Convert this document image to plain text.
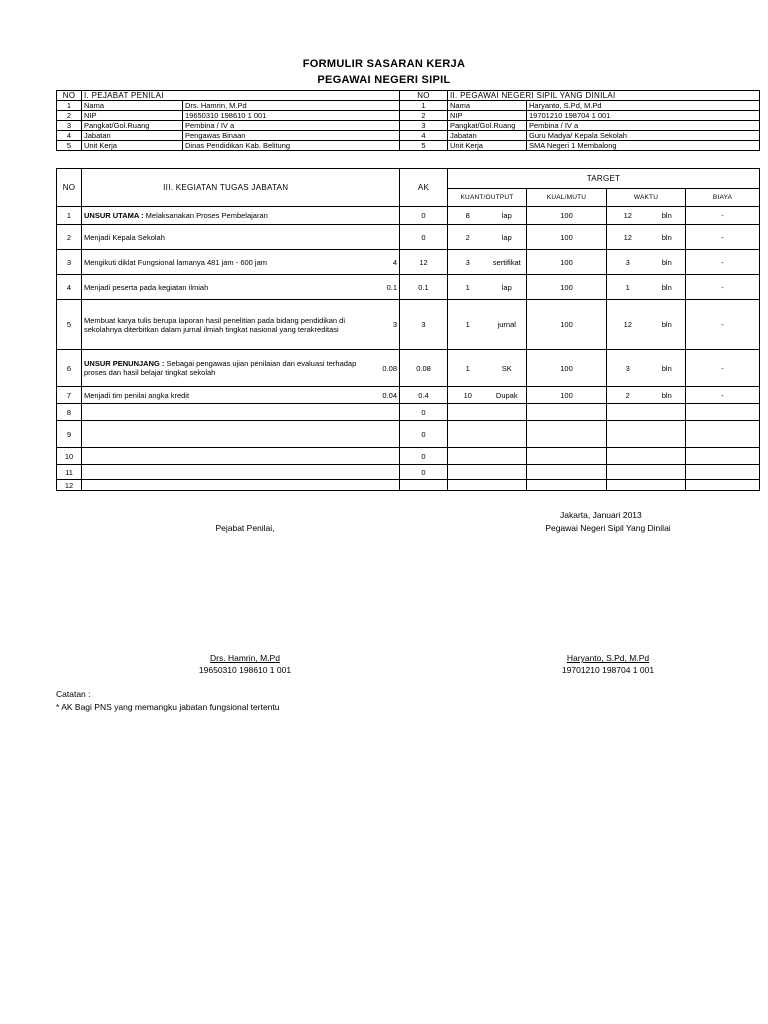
FORMULIR SASARAN KERJA
PEGAWAI NEGERI SIPIL
NO	I. PEJABAT PENILAI		NO	II. PEGAWAI NEGERI SIPIL YANG DINILAI	
1	Nama	Drs. Hamrin, M.Pd	1	Nama	Haryanto, S.Pd, M.Pd
2	NIP	19650310 198610 1 001	2	NIP	19701210 198704 1 001
3	Pangkat/Gol.Ruang	Pembina / IV a	3	Pangkat/Gol.Ruang	Pembina / IV a
4	Jabatan	Pengawas Binaan	4	Jabatan	Guru Madya/ Kepala Sekolah
5	Unit Kerja	Dinas Pendidikan Kab. Belitung	5	Unit Kerja	SMA Negeri 1 Membalong
NO	III. KEGIATAN TUGAS JABATAN		AK	TARGET					
				KUANT/OUTPUT		KUAL/MUTU	WAKTU		BIAYA
1	UNSUR UTAMA : Melaksanakan Proses Pembelajaran		0	8	lap	100	12	bln	-
2	Menjadi Kepala Sekolah		0	2	lap	100	12	bln	-
3	Mengikuti diklat Fungsional lamanya 481 jam - 600 jam	4	12	3	sertifikat	100	3	bln	-
4	Menjadi peserta pada kegiatan ilmiah	0.1	0.1	1	lap	100	1	bln	-
5	Membuat karya tulis berupa laporan hasil penelitian pada bidang pendidikan di sekolahnya diterbitkan dalam jurnal ilmiah tingkat nasional yang terakreditasi	3	3	1	jurnal	100	12	bln	-
6	UNSUR PENUNJANG : Sebagai pengawas ujian penilaian dan evaluasi terhadap proses dan hasil belajar tingkat sekolah	0.08	0.08	1	SK	100	3	bln	-
7	Menjadi tim penilai angka kredit	0.04	0.4	10	Dupak	100	2	bln	-
8			0						
9			0						
10			0						
11			0						
12									
Jakarta, Januari 2013
Pejabat Penilai,	Pegawai Negeri Sipil Yang Dinilai
Drs. Hamrin, M.Pd
19650310 198610 1 001
Haryanto, S.Pd, M.Pd
19701210 198704 1 001
Catatan :
* AK Bagi PNS yang memangku jabatan fungsional tertentu
